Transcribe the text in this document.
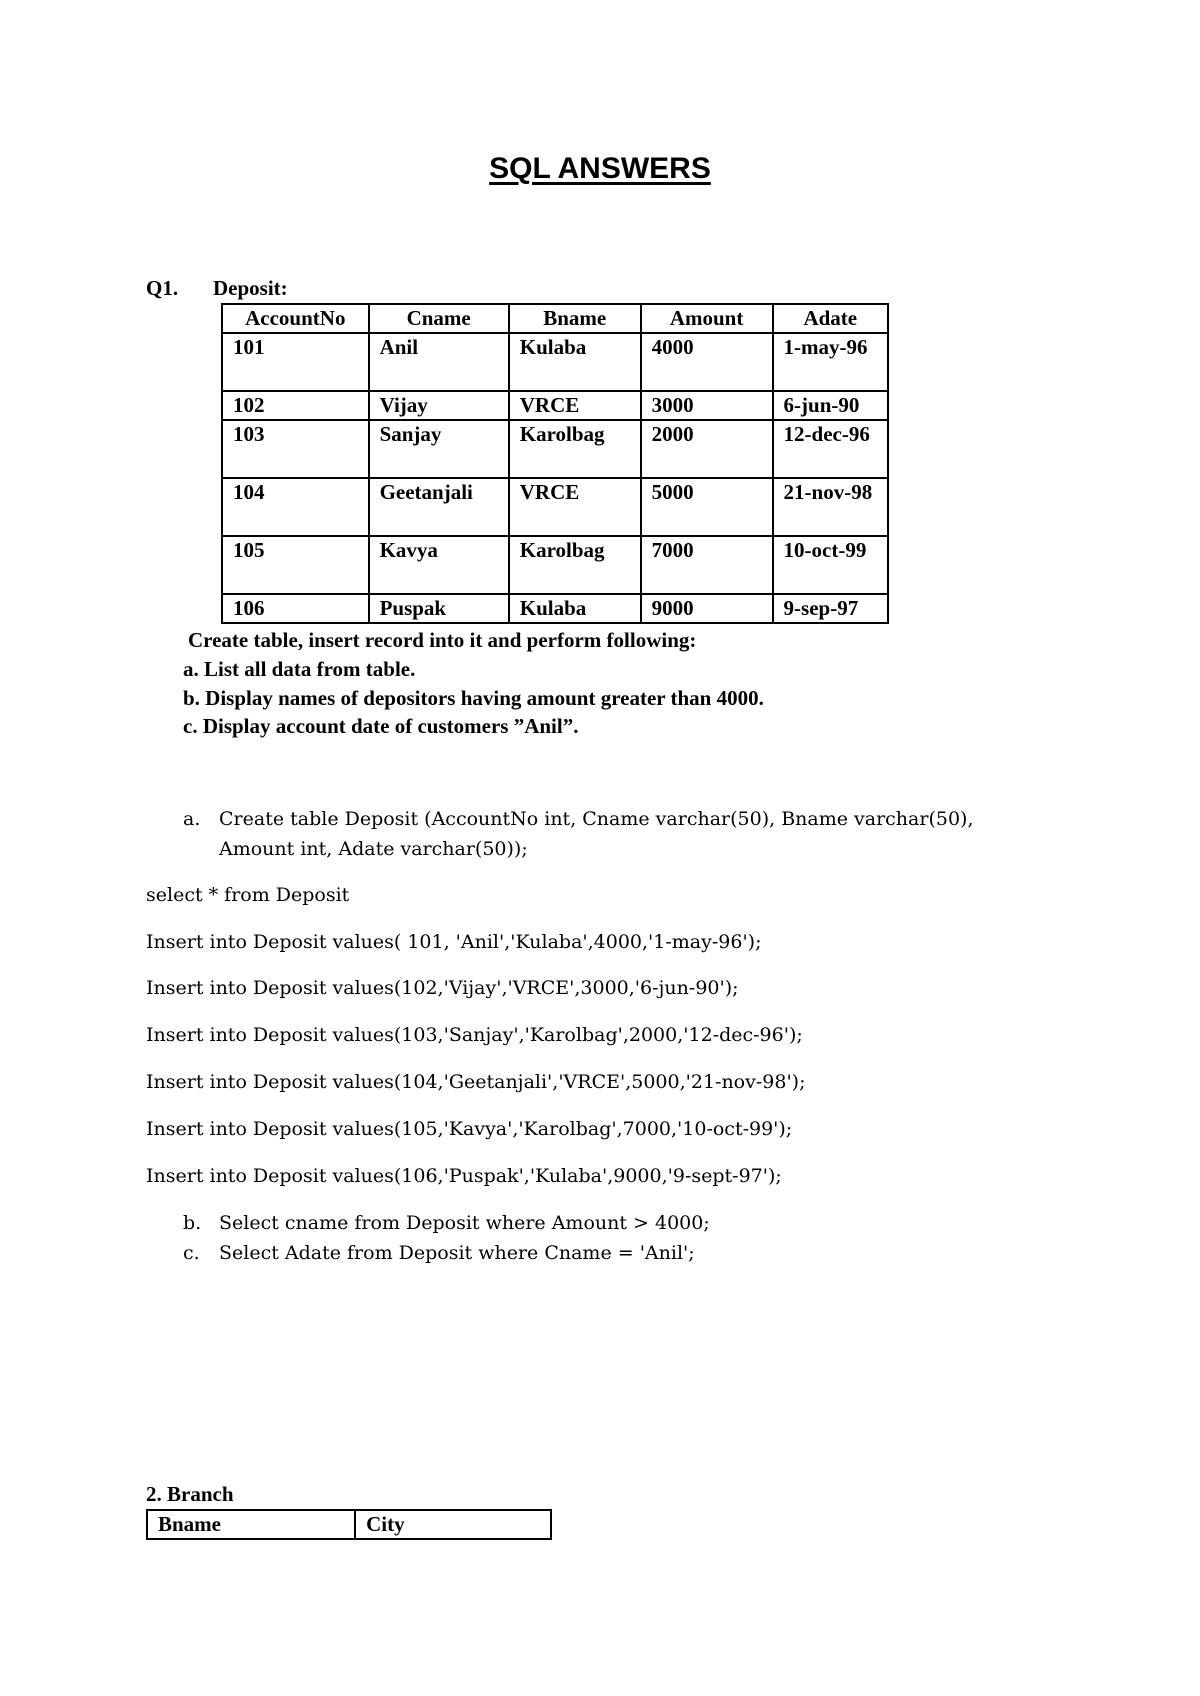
SQL ANSWERS
Q1. Deposit:
AccountNo	Cname	Bname	Amount	Adate
101	Anil	Kulaba	4000	1-may-96
102	Vijay	VRCE	3000	6-jun-90
103	Sanjay	Karolbag	2000	12-dec-96
104	Geetanjali	VRCE	5000	21-nov-98
105	Kavya	Karolbag	7000	10-oct-99
106	Puspak	Kulaba	9000	9-sep-97
Create table, insert record into it and perform following:
a. List all data from table.
b. Display names of depositors having amount greater than 4000.
c. Display account date of customers ”Anil”.
a. Create table Deposit (AccountNo int, Cname varchar(50), Bname varchar(50),
Amount int, Adate varchar(50));
select * from Deposit
Insert into Deposit values( 101, 'Anil','Kulaba',4000,'1-may-96');
Insert into Deposit values(102,'Vijay','VRCE',3000,'6-jun-90');
Insert into Deposit values(103,'Sanjay','Karolbag',2000,'12-dec-96');
Insert into Deposit values(104,'Geetanjali','VRCE',5000,'21-nov-98');
Insert into Deposit values(105,'Kavya','Karolbag',7000,'10-oct-99');
Insert into Deposit values(106,'Puspak','Kulaba',9000,'9-sept-97');
b. Select cname from Deposit where Amount > 4000;
c. Select Adate from Deposit where Cname = 'Anil';
2. Branch
Bname	City
